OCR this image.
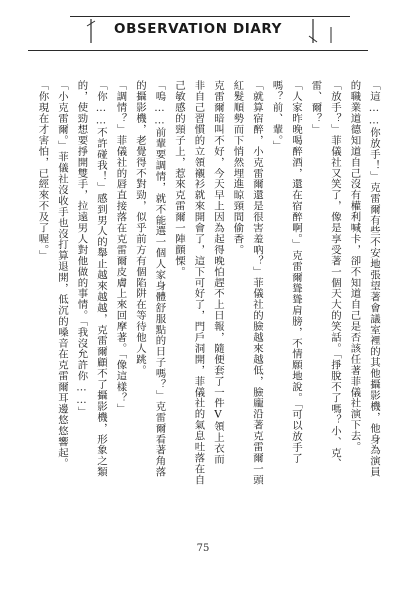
OBSERVATION DIARY
「這……你放手！」克雷爾有些不安地張望著會議室裡的其他攝影機，他身為演員
的職業道德知道自己沒有權利喊卡，卻不知道自己是否該任著菲儀社演下去。
「放手？」菲儀社又笑了，像是享受著一個天大的笑話。「掙脫不了嗎？小、克、
雷、爾？」
「人家昨晚喝醉酒，還在宿醉啊。」克雷爾聳聳肩膀，不情願地說。「可以放手了
嗎？前、輩。」
「就算宿醉，小克雷爾還是很害羞吶？」菲儀社的臉越來越低，臉龐沿著克雷爾一頭
紅髮順勢而下悄然埋進晾頸間偷香。
克雷爾暗叫不好，今天早上因為起得晚怕趕不上日報，隨便套了一件V領上衣而
非自己習慣的立領襯衫就來開會了，這下可好了，門戶洞開，菲儀社的氣息吐落在自
己敏感的頸子上，惹來克雷爾一陣顫慄。
「嗚……前輩要調情，就不能選一個人家身體舒服點的日子嗎？」克雷爾看著角落
的攝影機，老覺得不對勁，似乎前方有個陷阱在等待他人跳。
「調情？」菲儀社的唇直接落在克雷爾皮膚上來回摩著。「像這樣？」
「你……不許碰我！」感到男人的舉止越來越越，克雷爾顧不了攝影機，形象之類
的，使勁想要掙開雙手，拉遠男人對他做的事情。「我沒允許你……」
「小克雷爾。」菲儀社沒收手也沒打算退開，低沉的嗓音在克雷爾耳邊悠悠響起。
「你現在才害怕，已經來不及了喔。」
75
